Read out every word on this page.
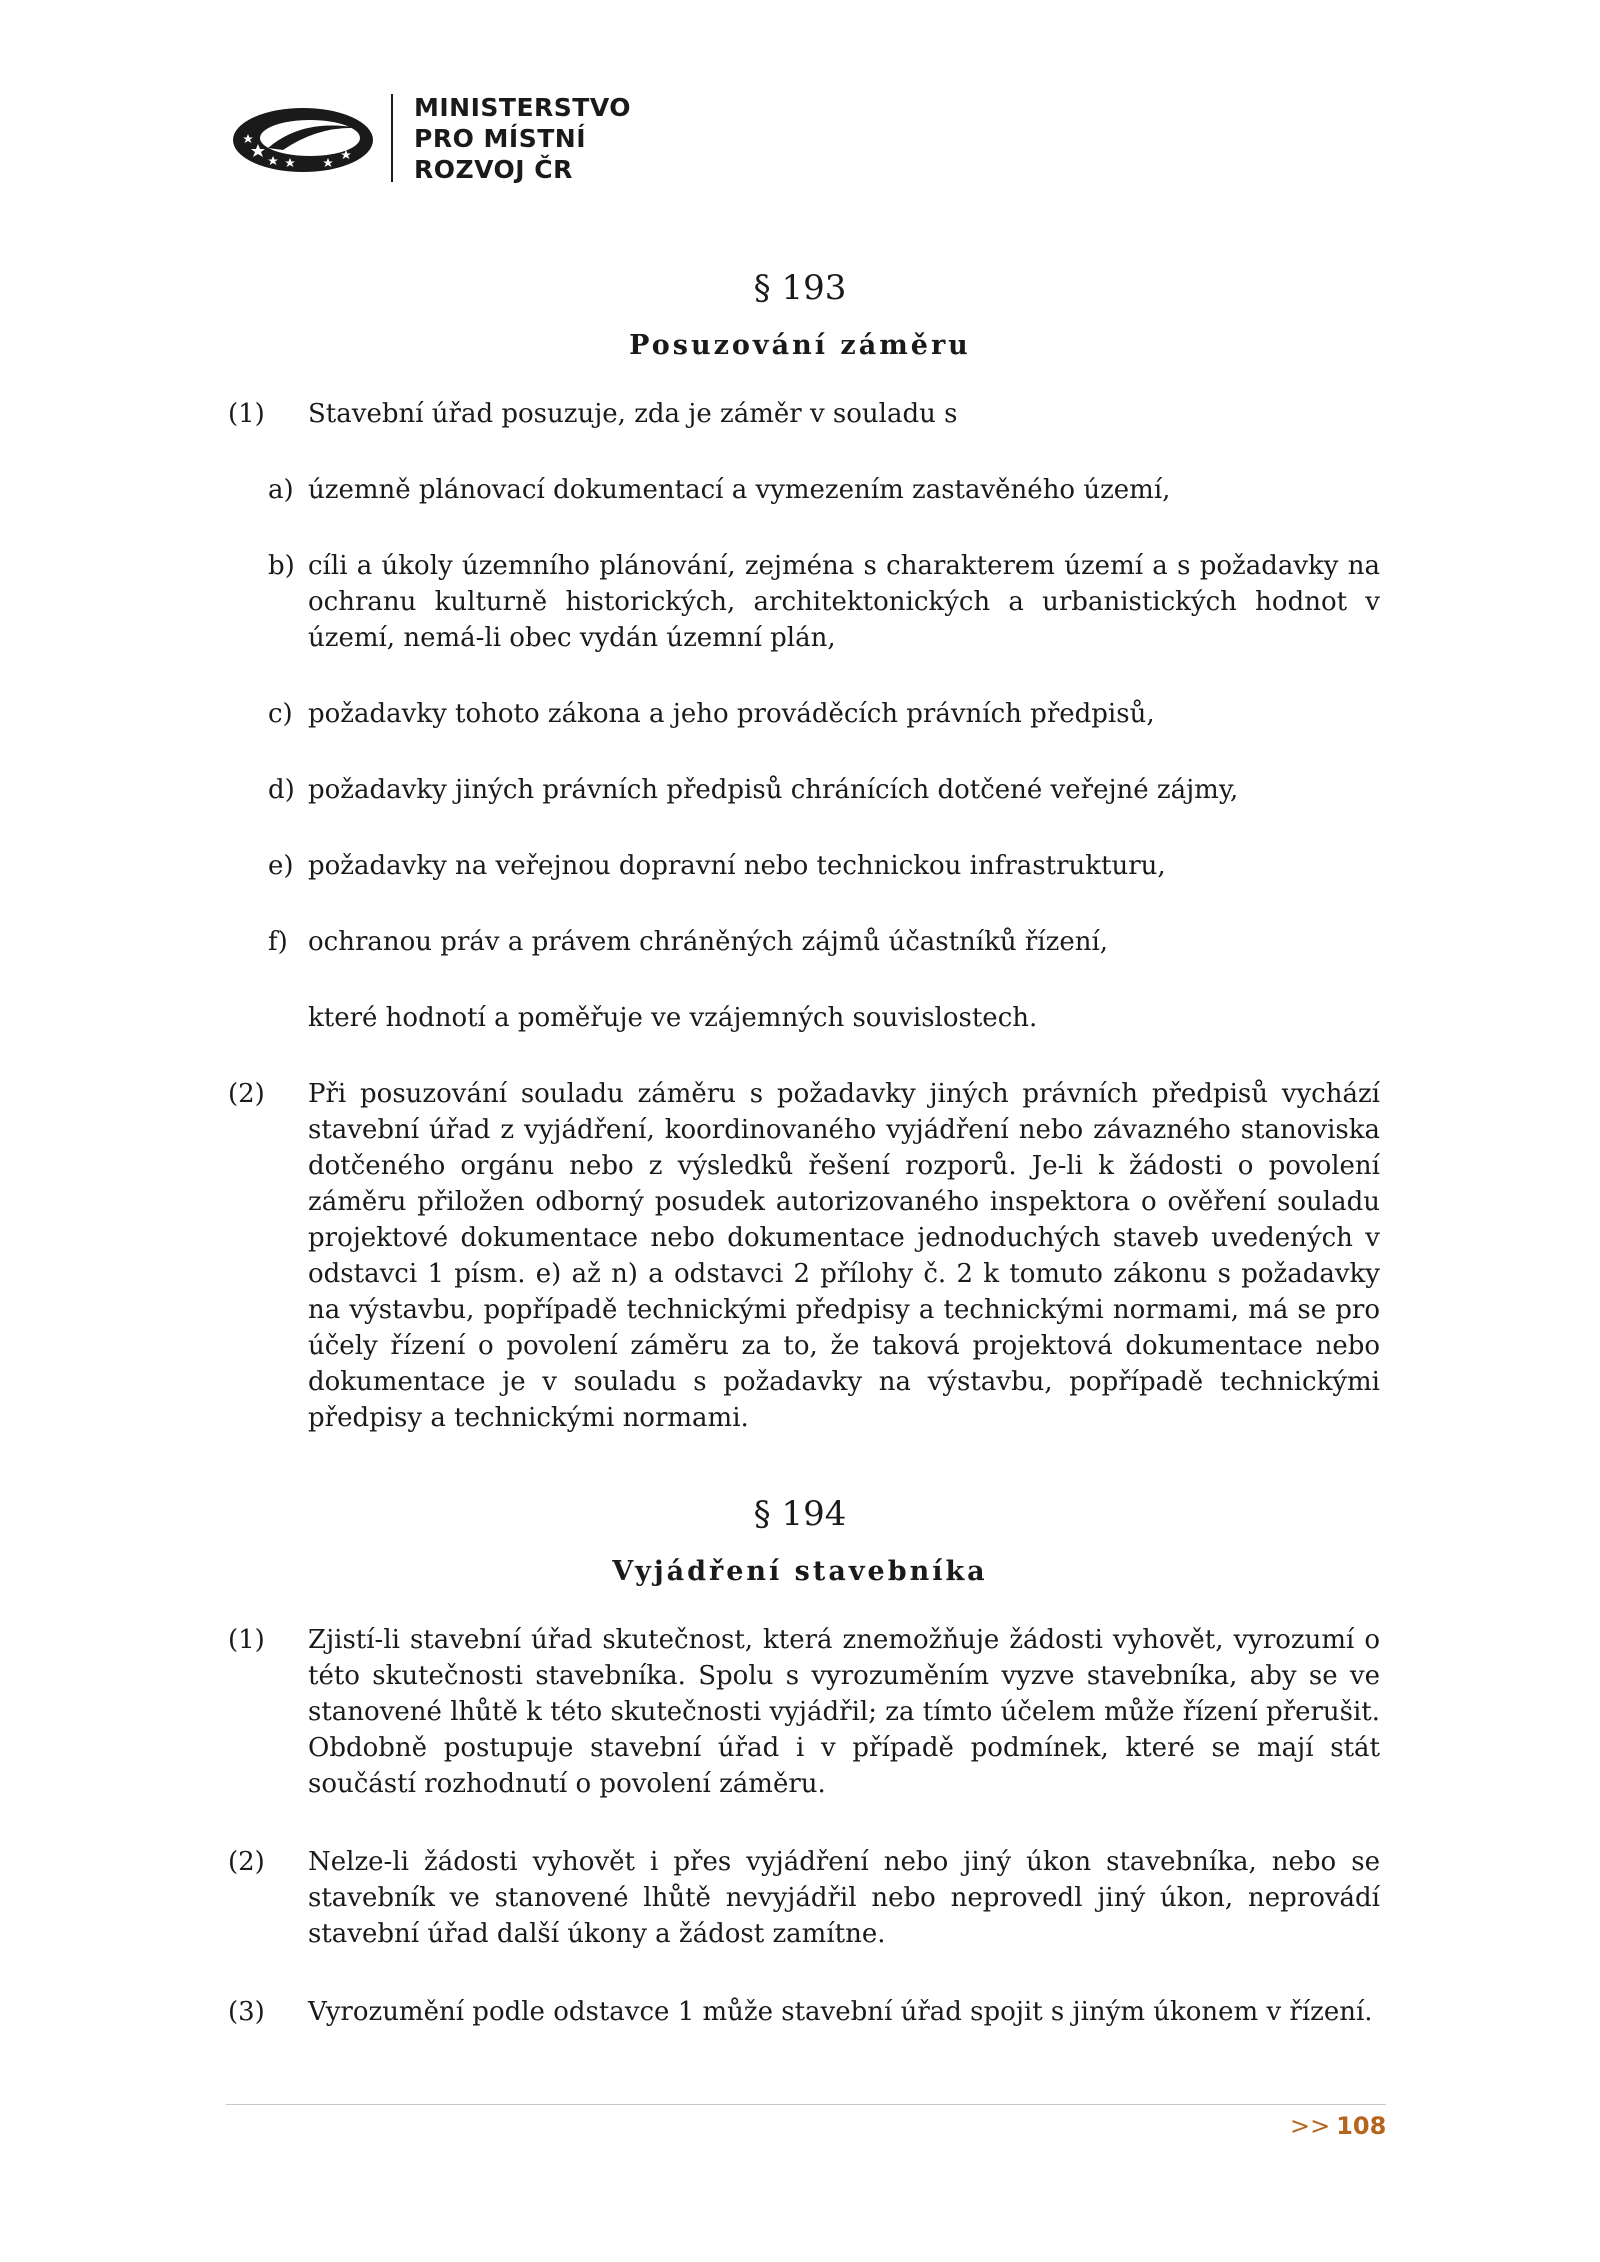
MINISTERSTVO
PRO MÍSTNÍ
ROZVOJ ČR
§ 193
Posuzování záměru
(1) Stavební úřad posuzuje, zda je záměr v souladu s
a) územně plánovací dokumentací a vymezením zastavěného území,
b) cíli a úkoly územního plánování, zejména s charakterem území a s požadavky na ochranu kulturně historických, architektonických a urbanistických hodnot v území, nemá-li obec vydán územní plán,
c) požadavky tohoto zákona a jeho prováděcích právních předpisů,
d) požadavky jiných právních předpisů chránících dotčené veřejné zájmy,
e) požadavky na veřejnou dopravní nebo technickou infrastrukturu,
f) ochranou práv a právem chráněných zájmů účastníků řízení,
které hodnotí a poměřuje ve vzájemných souvislostech.
(2) Při posuzování souladu záměru s požadavky jiných právních předpisů vychází stavební úřad z vyjádření, koordinovaného vyjádření nebo závazného stanoviska dotčeného orgánu nebo z výsledků řešení rozporů. Je-li k žádosti o povolení záměru přiložen odborný posudek autorizovaného inspektora o ověření souladu projektové dokumentace nebo dokumentace jednoduchých staveb uvedených v odstavci 1 písm. e) až n) a odstavci 2 přílohy č. 2 k tomuto zákonu s požadavky na výstavbu, popřípadě technickými předpisy a technickými normami, má se pro účely řízení o povolení záměru za to, že taková projektová dokumentace nebo dokumentace je v souladu s požadavky na výstavbu, popřípadě technickými předpisy a technickými normami.
§ 194
Vyjádření stavebníka
(1) Zjistí-li stavební úřad skutečnost, která znemožňuje žádosti vyhovět, vyrozumí o této skutečnosti stavebníka. Spolu s vyrozuměním vyzve stavebníka, aby se ve stanovené lhůtě k této skutečnosti vyjádřil; za tímto účelem může řízení přerušit. Obdobně postupuje stavební úřad i v případě podmínek, které se mají stát součástí rozhodnutí o povolení záměru.
(2) Nelze-li žádosti vyhovět i přes vyjádření nebo jiný úkon stavebníka, nebo se stavebník ve stanovené lhůtě nevyjádřil nebo neprovedl jiný úkon, neprovádí stavební úřad další úkony a žádost zamítne.
(3) Vyrozumění podle odstavce 1 může stavební úřad spojit s jiným úkonem v řízení.
>> 108
